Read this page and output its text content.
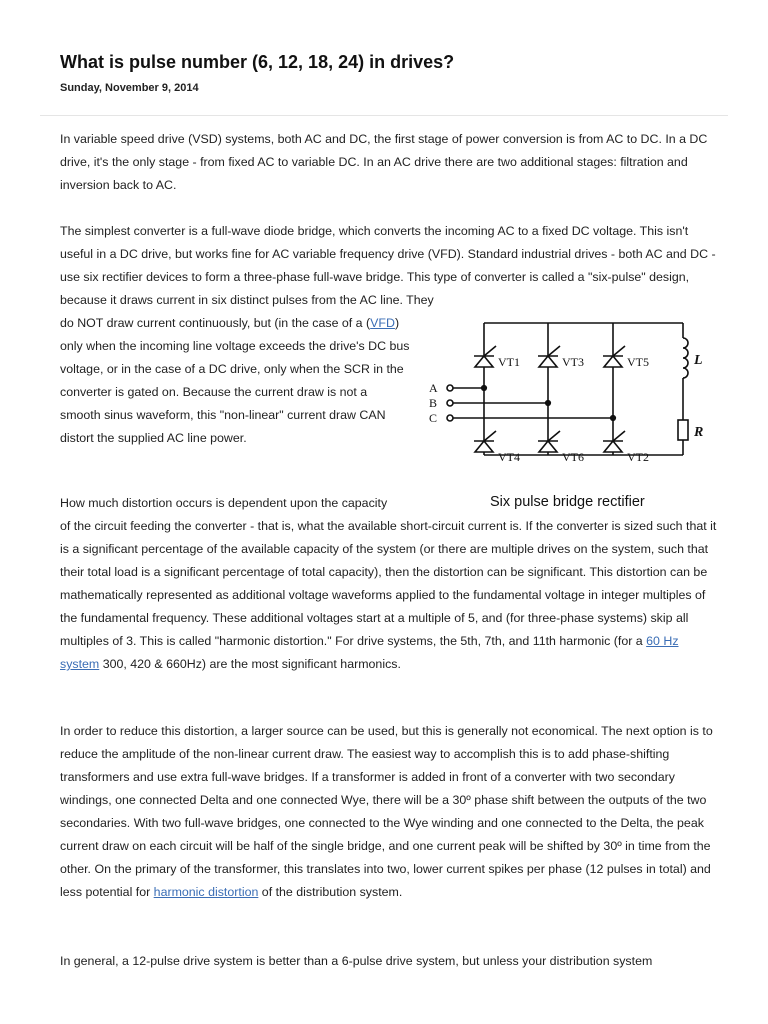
What is pulse number (6, 12, 18, 24) in drives?
Sunday, November 9, 2014

In variable speed drive (VSD) systems, both AC and DC, the first stage of power conversion is from AC to DC. In a DC drive, it's the only stage - from fixed AC to variable DC. In an AC drive there are two additional stages: filtration and inversion back to AC.

The simplest converter is a full-wave diode bridge, which converts the incoming AC to a fixed DC voltage. This isn't useful in a DC drive, but works fine for AC variable frequency drive (VFD). Standard industrial drives - both AC and DC - use six rectifier devices to form a three-phase full-wave bridge. This type of converter is called a "six-pulse" design, because it draws current in six distinct pulses from the AC line. They

do NOT draw current continuously, but (in the case of a (VFD) only when the incoming line voltage exceeds the drive's DC bus voltage, or in the case of a DC drive, only when the SCR in the converter is gated on. Because the current draw is not a smooth sinus waveform, this "non-linear" current draw CAN distort the supplied AC line power.

How much distortion occurs is dependent upon the capacity

of the circuit feeding the converter - that is, what the available short-circuit current is. If the converter is sized such that it is a significant percentage of the available capacity of the system (or there are multiple drives on the system, such that their total load is a significant percentage of total capacity), then the distortion can be significant. This distortion can be mathematically represented as additional voltage waveforms applied to the fundamental voltage in integer multiples of the fundamental frequency. These additional voltages start at a multiple of 5, and (for three-phase systems) skip all multiples of 3. This is called "harmonic distortion." For drive systems, the 5th, 7th, and 11th harmonic (for a 60 Hz system 300, 420 & 660Hz) are the most significant harmonics.

In order to reduce this distortion, a larger source can be used, but this is generally not economical. The next option is to reduce the amplitude of the non-linear current draw. The easiest way to accomplish this is to add phase-shifting transformers and use extra full-wave bridges. If a transformer is added in front of a converter with two secondary windings, one connected Delta and one connected Wye, there will be a 30º phase shift between the outputs of the two secondaries. With two full-wave bridges, one connected to the Wye winding and one connected to the Delta, the peak current draw on each circuit will be half of the single bridge, and one current peak will be shifted by 30º in time from the other. On the primary of the transformer, this translates into two, lower current spikes per phase (12 pulses in total) and less potential for harmonic distortion of the distribution system.

In general, a 12-pulse drive system is better than a 6-pulse drive system, but unless your distribution system

VT1	VT3	VT5
VT4	VT6	VT2
A
B
C
L
R
Six pulse bridge rectifier
